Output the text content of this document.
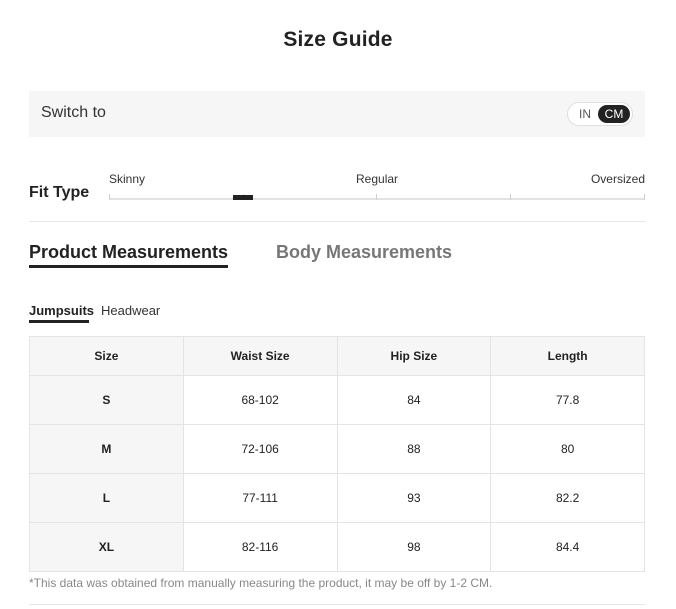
Size Guide
Switch to	IN	CM
Fit Type
Skinny	Regular	Oversized
Product Measurements	Body Measurements
Jumpsuits Headwear
Size	Waist Size	Hip Size	Length
S	68-102	84	77.8
M	72-106	88	80
L	77-111	93	82.2
XL	82-116	98	84.4
*This data was obtained from manually measuring the product, it may be off by 1-2 CM.
